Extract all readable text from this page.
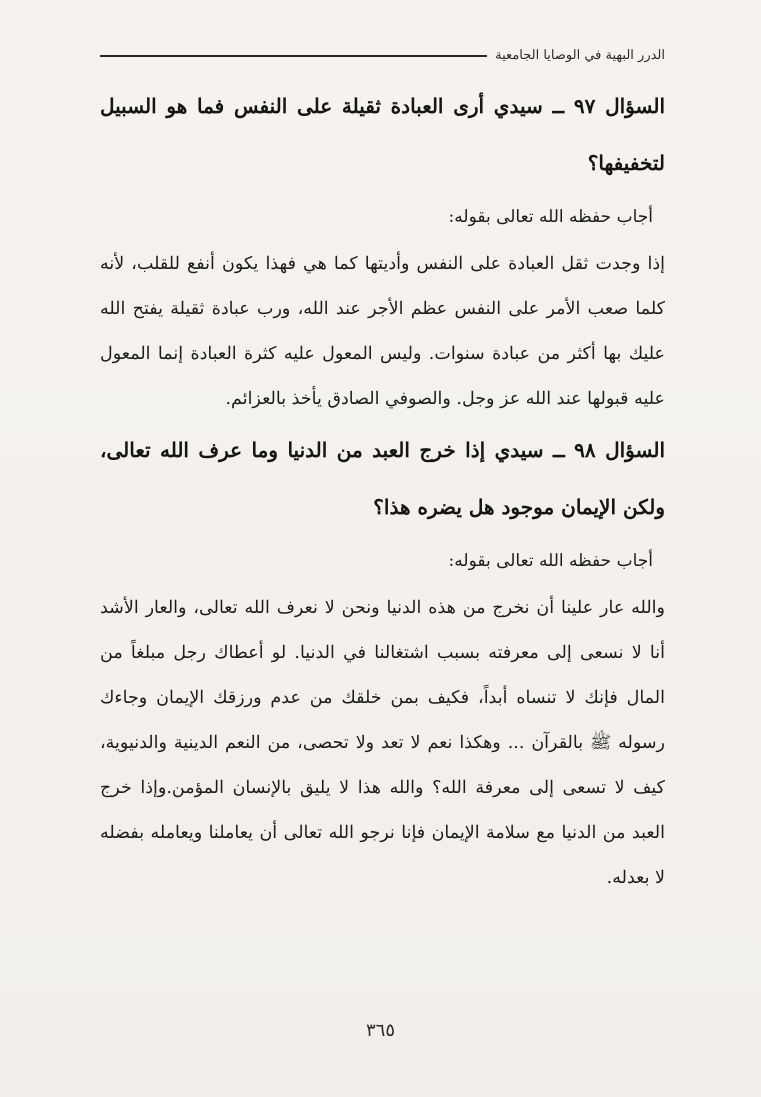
الدرر البهية في الوصايا الجامعية

السؤال ٩٧ ــ سيدي أرى العبادة ثقيلة على النفس فما هو السبيل لتخفيفها؟

أجاب حفظه الله تعالى بقوله:

إذا وجدت ثقل العبادة على النفس وأديتها كما هي فهذا يكون أنفع للقلب، لأنه كلما صعب الأمر على النفس عظم الأجر عند الله، ورب عبادة ثقيلة يفتح الله عليك بها أكثر من عبادة سنوات. وليس المعول عليه كثرة العبادة إنما المعول عليه قبولها عند الله عز وجل. والصوفي الصادق يأخذ بالعزائم.

السؤال ٩٨ ــ سيدي إذا خرج العبد من الدنيا وما عرف الله تعالى، ولكن الإيمان موجود هل يضره هذا؟

أجاب حفظه الله تعالى بقوله:

والله عار علينا أن نخرج من هذه الدنيا ونحن لا نعرف الله تعالى، والعار الأشد أنا لا نسعى إلى معرفته بسبب اشتغالنا في الدنيا. لو أعطاك رجل مبلغاً من المال فإنك لا تنساه أبداً، فكيف بمن خلقك من عدم ورزقك الإيمان وجاءك رسوله ﷺ بالقرآن ... وهكذا نعم لا تعد ولا تحصى، من النعم الدينية والدنيوية، كيف لا تسعى إلى معرفة الله؟ والله هذا لا يليق بالإنسان المؤمن.وإذا خرج العبد من الدنيا مع سلامة الإيمان فإنا نرجو الله تعالى أن يعاملنا ويعامله بفضله لا بعدله.

٣٦٥
